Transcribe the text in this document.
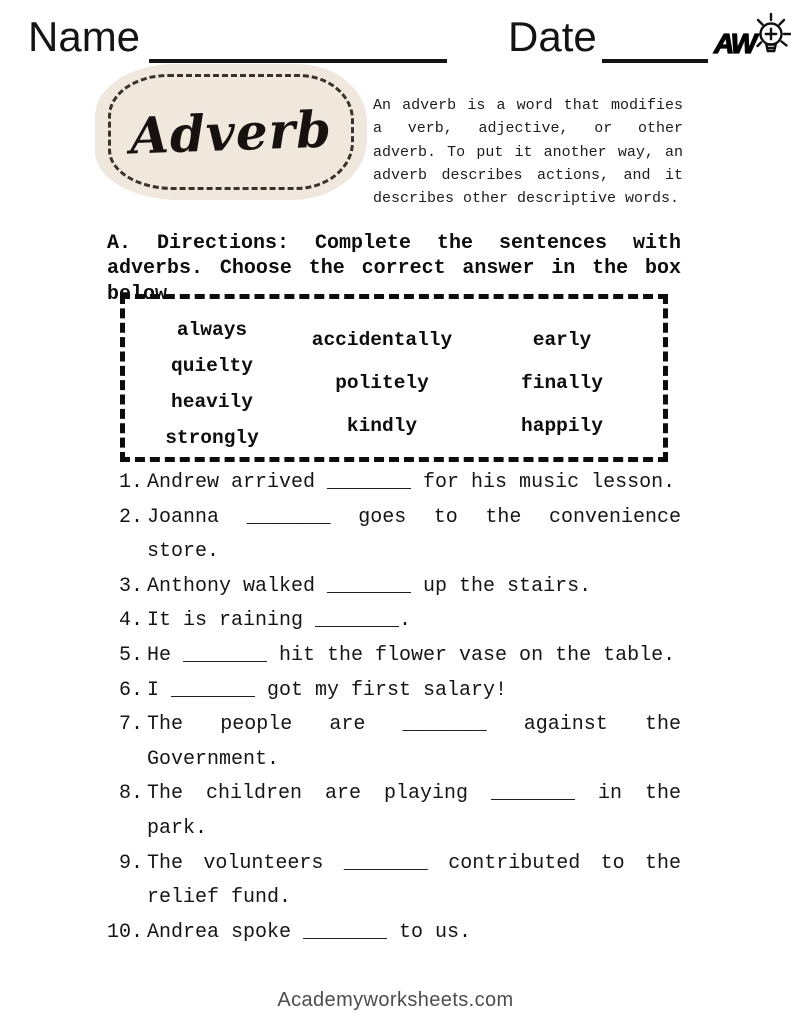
Name	Date	AW
Adverb	An adverb is a word that modifies a verb, adjective, or other adverb. To put it another way, an adverb describes actions, and it describes other descriptive words.

A. Directions: Complete the sentences with adverbs. Choose the correct answer in the box below.

always
quielty
heavily
strongly
accidentally
politely
kindly
early
finally
happily
1. Andrew arrived _______ for his music lesson.
2. Joanna _______ goes to the convenience store.
3. Anthony walked _______ up the stairs.
4. It is raining _______.
5. He _______ hit the flower vase on the table.
6. I _______ got my first salary!
7. The people are _______ against the Government.
8. The children are playing _______ in the park.
9. The volunteers _______ contributed to the relief fund.
10. Andrea spoke _______ to us.
Academyworksheets.com
